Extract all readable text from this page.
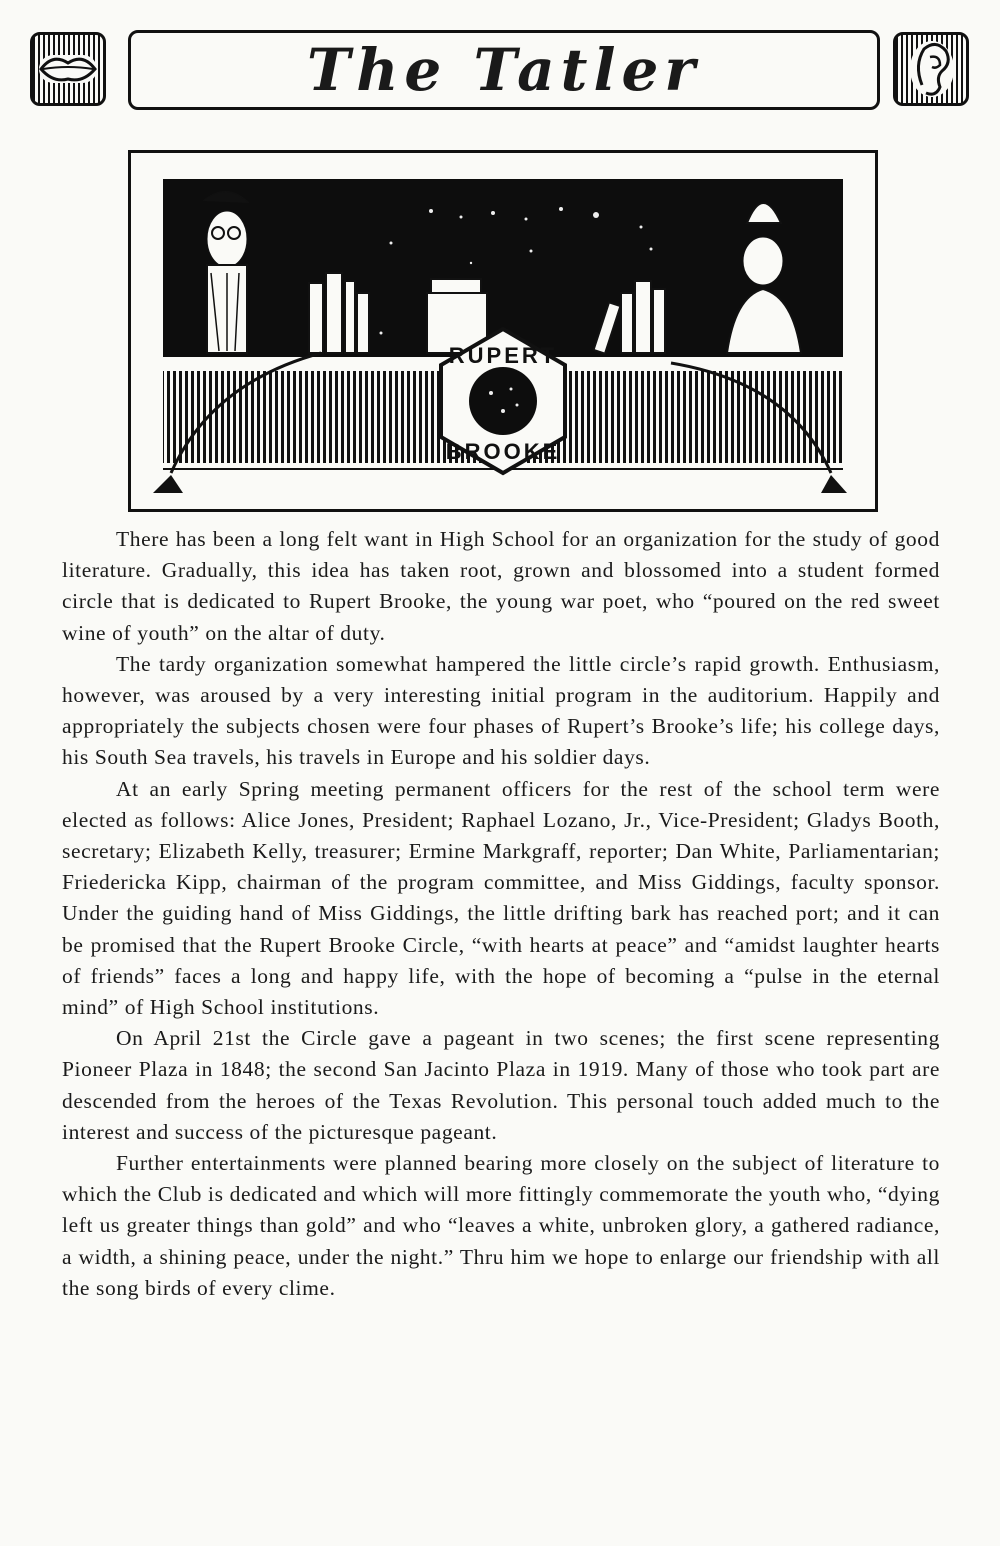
The Tatler
RUPERT
BROOKE

There has been a long felt want in High School for an organization for the study of good literature. Gradually, this idea has taken root, grown and blossomed into a student formed circle that is dedicated to Rupert Brooke, the young war poet, who “poured on the red sweet wine of youth” on the altar of duty.

The tardy organization somewhat hampered the little circle’s rapid growth. Enthusiasm, however, was aroused by a very interesting initial program in the auditorium. Happily and appropriately the subjects chosen were four phases of Rupert’s Brooke’s life; his college days, his South Sea travels, his travels in Europe and his soldier days.

At an early Spring meeting permanent officers for the rest of the school term were elected as follows: Alice Jones, President; Raphael Lozano, Jr., Vice-President; Gladys Booth, secretary; Elizabeth Kelly, treasurer; Ermine Markgraff, reporter; Dan White, Parliamentarian; Friedericka Kipp, chairman of the program committee, and Miss Giddings, faculty sponsor. Under the guiding hand of Miss Giddings, the little drifting bark has reached port; and it can be promised that the Rupert Brooke Circle, “with hearts at peace” and “amidst laughter hearts of friends” faces a long and happy life, with the hope of becoming a “pulse in the eternal mind” of High School institutions.

On April 21st the Circle gave a pageant in two scenes; the first scene representing Pioneer Plaza in 1848; the second San Jacinto Plaza in 1919. Many of those who took part are descended from the heroes of the Texas Revolution. This personal touch added much to the interest and success of the picturesque pageant.

Further entertainments were planned bearing more closely on the subject of literature to which the Club is dedicated and which will more fittingly commemorate the youth who, “dying left us greater things than gold” and who “leaves a white, unbroken glory, a gathered radiance, a width, a shining peace, under the night.” Thru him we hope to enlarge our friendship with all the song birds of every clime.
